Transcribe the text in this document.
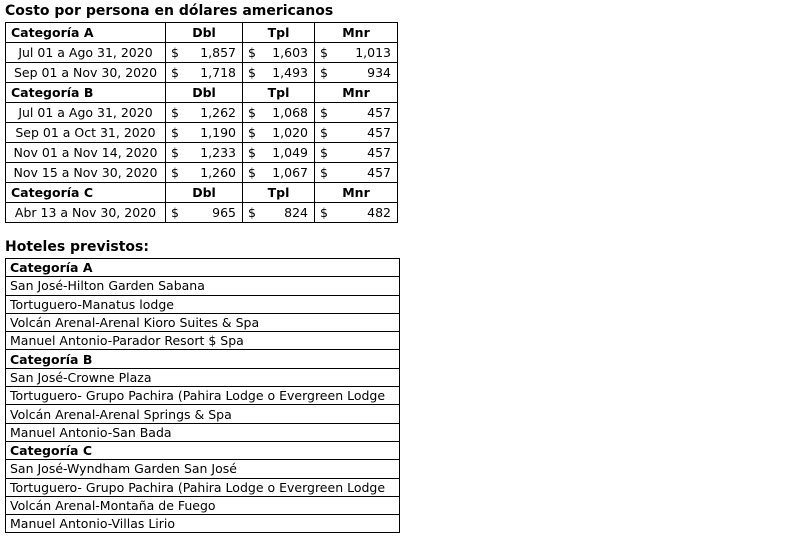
Costo por persona en dólares americanos
Categoría A	Dbl	Tpl	Mnr
Jul 01 a Ago 31, 2020	$ 1,857	$ 1,603	$ 1,013

Sep 01 a Nov 30, 2020	$ 1,718	$ 1,493	$ 934

Categoría B	Dbl	Tpl	Mnr
Jul 01 a Ago 31, 2020	$ 1,262	$ 1,068	$ 457

Sep 01 a Oct 31, 2020	$ 1,190	$ 1,020	$ 457

Nov 01 a Nov 14, 2020	$ 1,233	$ 1,049	$ 457

Nov 15 a Nov 30, 2020	$ 1,260	$ 1,067	$ 457

Categoría C	Dbl	Tpl	Mnr
Abr 13 a Nov 30, 2020	$ 965	$ 824	$ 482
Hoteles previstos:
Categoría A
San José-Hilton Garden Sabana
Tortuguero-Manatus lodge
Volcán Arenal-Arenal Kioro Suites & Spa
Manuel Antonio-Parador Resort $ Spa
Categoría B
San José-Crowne Plaza
Tortuguero- Grupo Pachira (Pahira Lodge o Evergreen Lodge
Volcán Arenal-Arenal Springs & Spa
Manuel Antonio-San Bada
Categoría C
San José-Wyndham Garden San José
Tortuguero- Grupo Pachira (Pahira Lodge o Evergreen Lodge
Volcán Arenal-Montaña de Fuego
Manuel Antonio-Villas Lirio
